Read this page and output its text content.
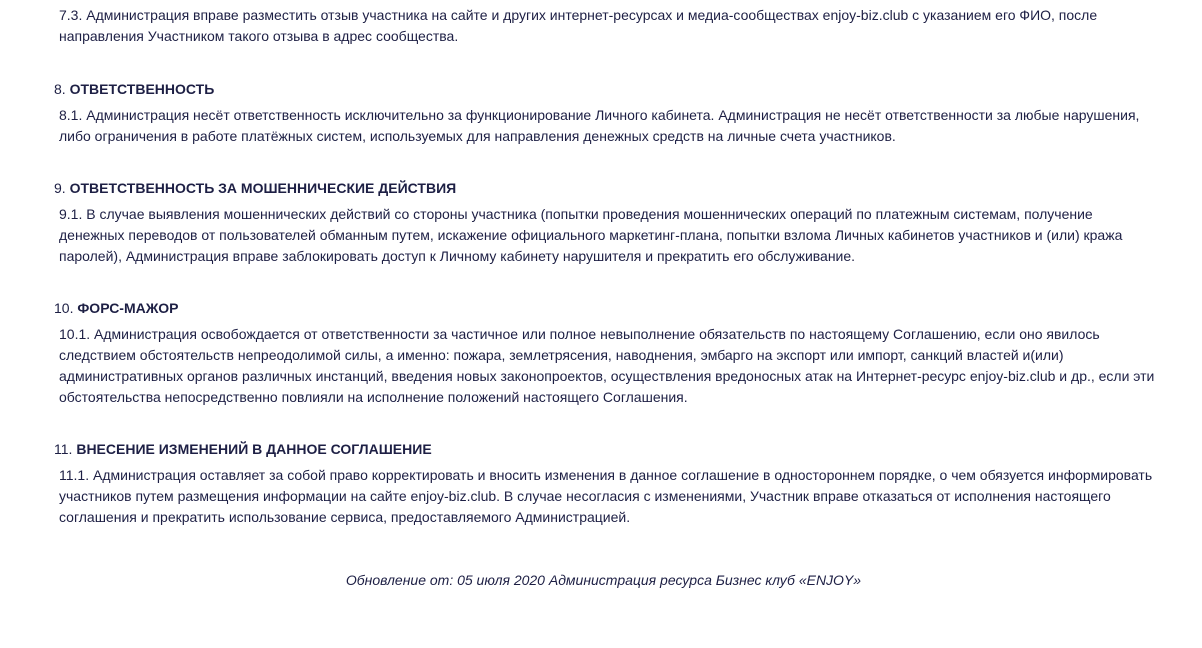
7.3. Администрация вправе разместить отзыв участника на сайте и других интернет-ресурсах и медиа-сообществах enjoy-biz.club с указанием его ФИО, после направления Участником такого отзыва в адрес сообщества.

8. ОТВЕТСТВЕННОСТЬ

8.1. Администрация несёт ответственность исключительно за функционирование Личного кабинета. Администрация не несёт ответственности за любые нарушения, либо ограничения в работе платёжных систем, используемых для направления денежных средств на личные счета участников.

9. ОТВЕТСТВЕННОСТЬ ЗА МОШЕННИЧЕСКИЕ ДЕЙСТВИЯ

9.1. В случае выявления мошеннических действий со стороны участника (попытки проведения мошеннических операций по платежным системам, получение денежных переводов от пользователей обманным путем, искажение официального маркетинг-плана, попытки взлома Личных кабинетов участников и (или) кража паролей), Администрация вправе заблокировать доступ к Личному кабинету нарушителя и прекратить его обслуживание.

10. ФОРС-МАЖОР

10.1. Администрация освобождается от ответственности за частичное или полное невыполнение обязательств по настоящему Соглашению, если оно явилось следствием обстоятельств непреодолимой силы, а именно: пожара, землетрясения, наводнения, эмбарго на экспорт или импорт, санкций властей и(или) административных органов различных инстанций, введения новых законопроектов, осуществления вредоносных атак на Интернет-ресурс enjoy-biz.club и др., если эти обстоятельства непосредственно повлияли на исполнение положений настоящего Соглашения.

11. ВНЕСЕНИЕ ИЗМЕНЕНИЙ В ДАННОЕ СОГЛАШЕНИЕ

11.1. Администрация оставляет за собой право корректировать и вносить изменения в данное соглашение в одностороннем порядке, о чем обязуется информировать участников путем размещения информации на сайте enjoy-biz.club. В случае несогласия с изменениями, Участник вправе отказаться от исполнения настоящего соглашения и прекратить использование сервиса, предоставляемого Администрацией.

Обновление от: 05 июля 2020 Администрация ресурса Бизнес клуб «ENJOY»
